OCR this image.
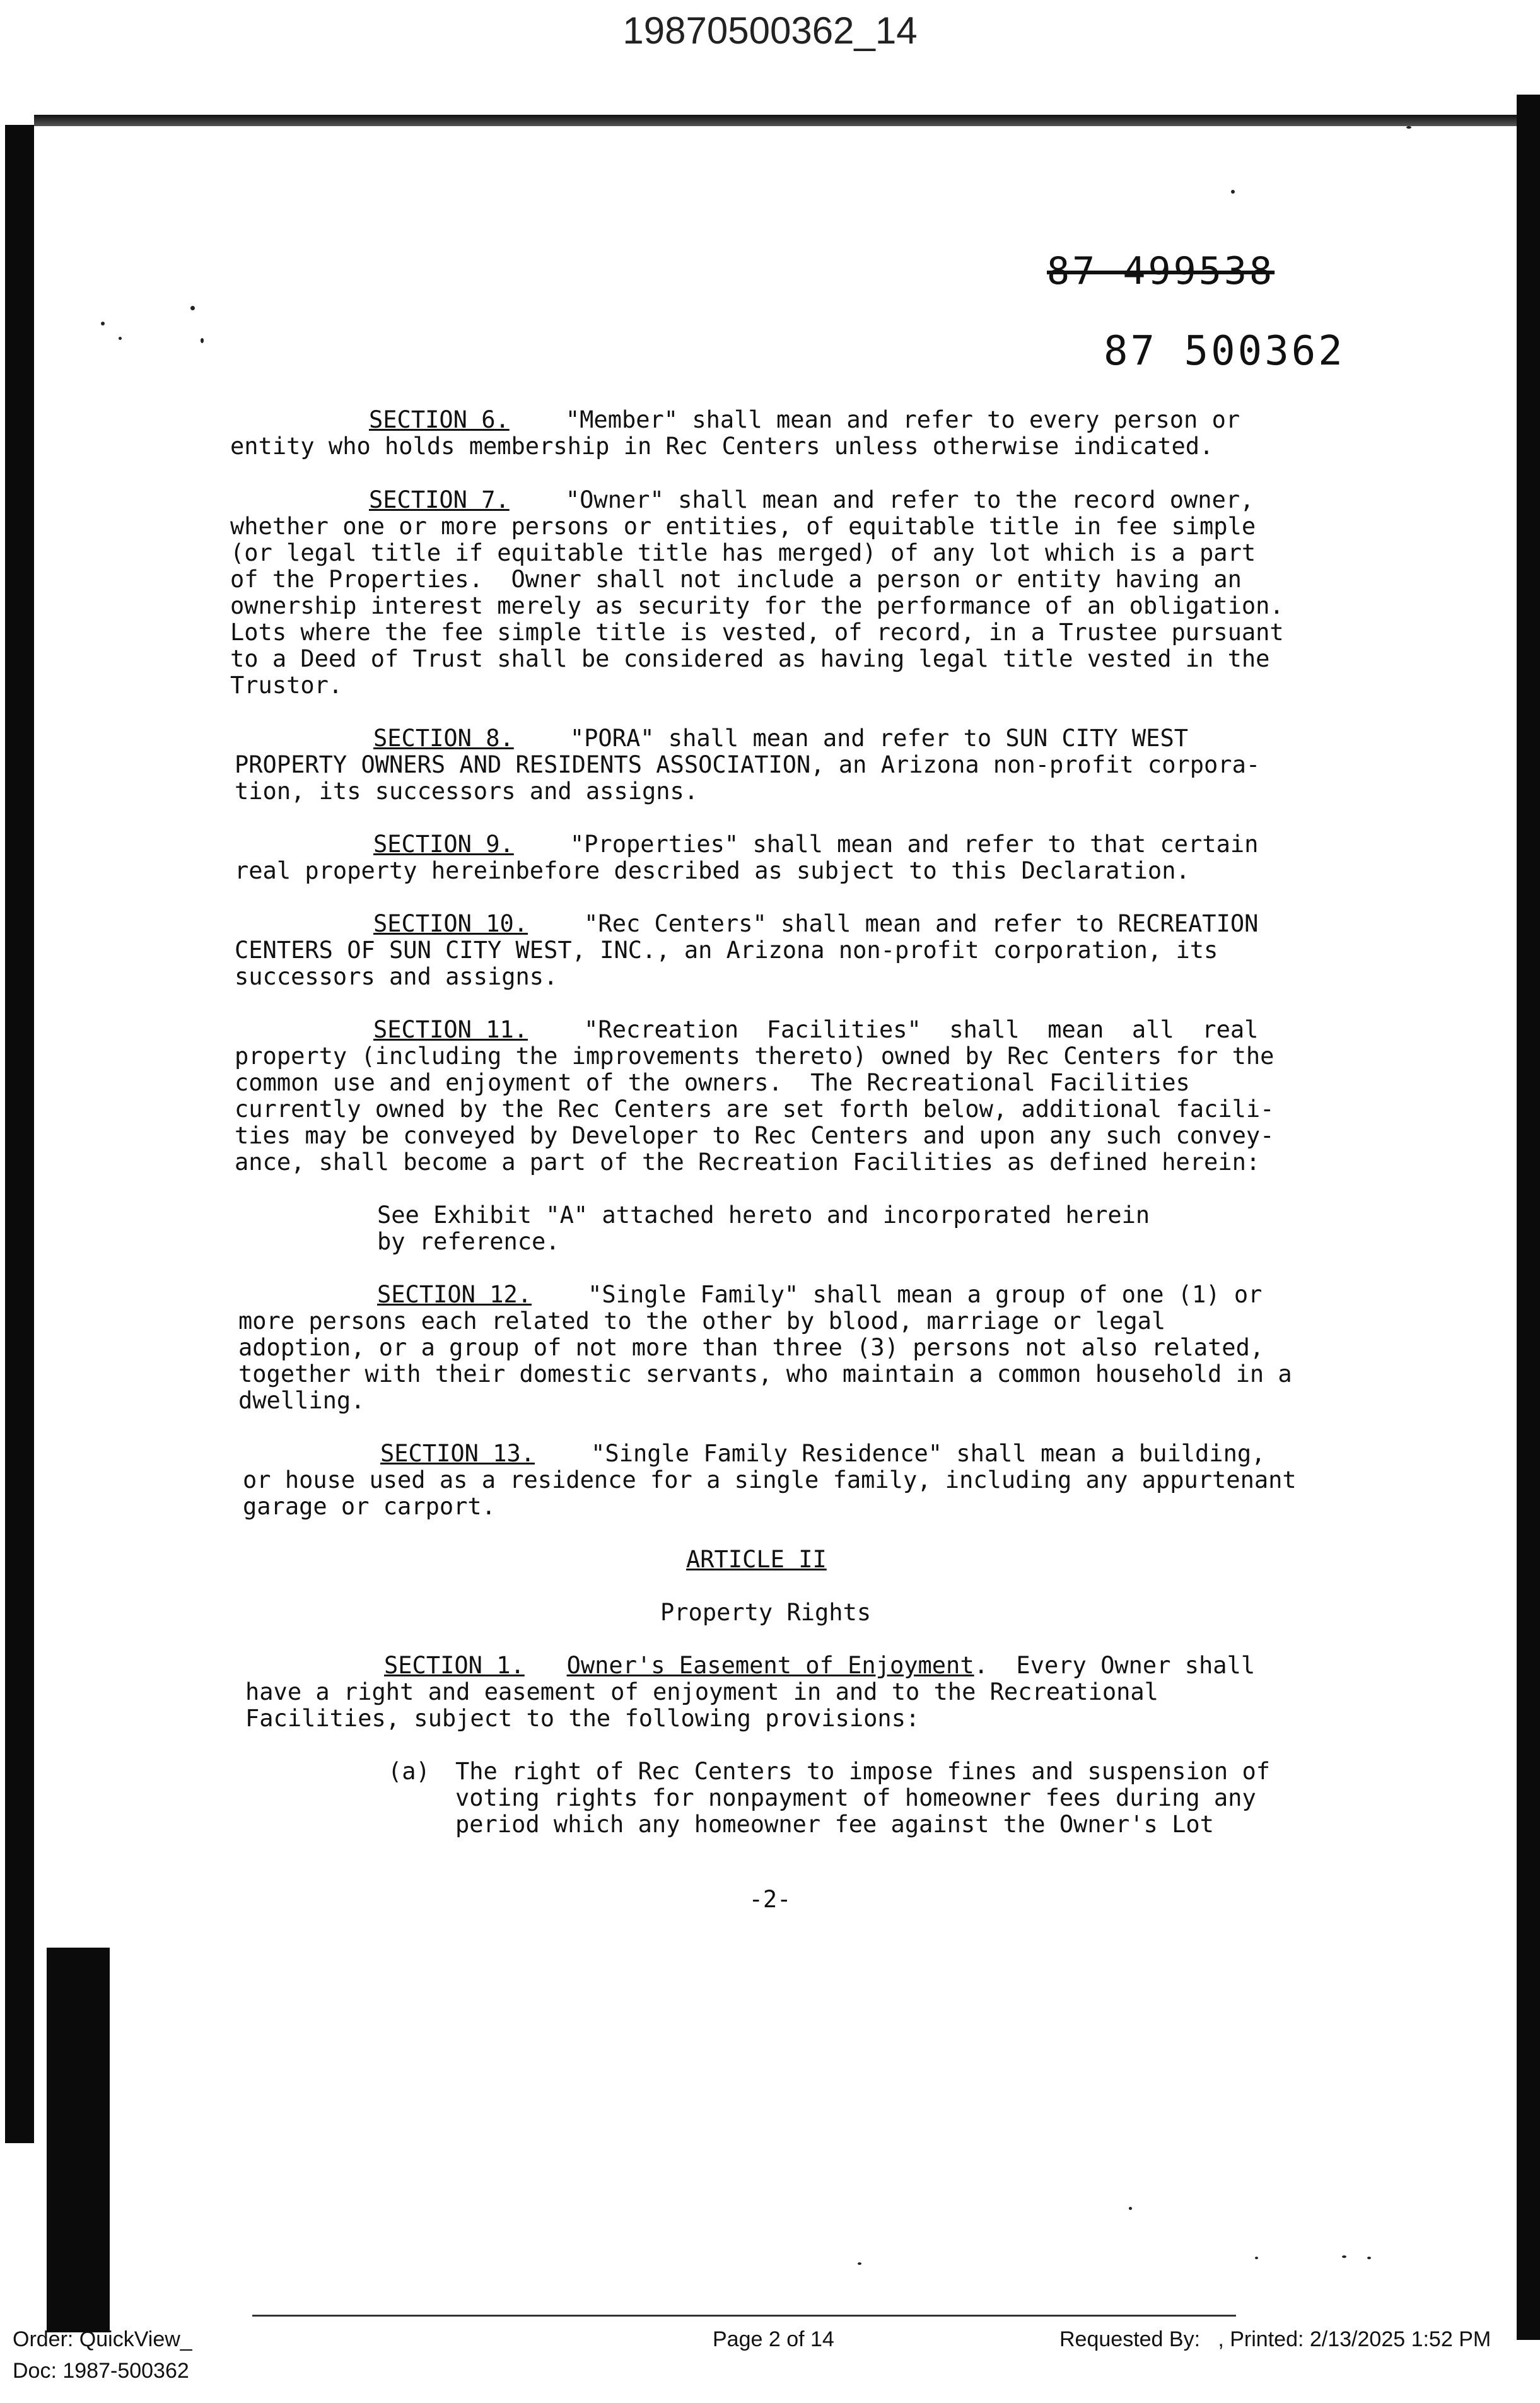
19870500362_14
87 499538
87 500362
SECTION 6. "Member" shall mean and refer to every person or
entity who holds membership in Rec Centers unless otherwise indicated.
SECTION 7. "Owner" shall mean and refer to the record owner,
whether one or more persons or entities, of equitable title in fee simple
(or legal title if equitable title has merged) of any lot which is a part
of the Properties.  Owner shall not include a person or entity having an
ownership interest merely as security for the performance of an obligation.
Lots where the fee simple title is vested, of record, in a Trustee pursuant
to a Deed of Trust shall be considered as having legal title vested in the
Trustor.
SECTION 8. "PORA" shall mean and refer to SUN CITY WEST
PROPERTY OWNERS AND RESIDENTS ASSOCIATION, an Arizona non-profit corpora-
tion, its successors and assigns.
SECTION 9. "Properties" shall mean and refer to that certain
real property hereinbefore described as subject to this Declaration.
SECTION 10. "Rec Centers" shall mean and refer to RECREATION
CENTERS OF SUN CITY WEST, INC., an Arizona non-profit corporation, its
successors and assigns.
SECTION 11. "Recreation  Facilities"  shall  mean  all  real
property (including the improvements thereto) owned by Rec Centers for the
common use and enjoyment of the owners.  The Recreational Facilities
currently owned by the Rec Centers are set forth below, additional facili-
ties may be conveyed by Developer to Rec Centers and upon any such convey-
ance, shall become a part of the Recreation Facilities as defined herein:
See Exhibit "A" attached hereto and incorporated herein
by reference.
SECTION 12. "Single Family" shall mean a group of one (1) or
more persons each related to the other by blood, marriage or legal
adoption, or a group of not more than three (3) persons not also related,
together with their domestic servants, who maintain a common household in a
dwelling.
SECTION 13. "Single Family Residence" shall mean a building,
or house used as a residence for a single family, including any appurtenant
garage or carport.
ARTICLE II
Property Rights
SECTION 1. Owner's Easement of Enjoyment.  Every Owner shall
have a right and easement of enjoyment in and to the Recreational
Facilities, subject to the following provisions:
(a) The right of Rec Centers to impose fines and suspension of
voting rights for nonpayment of homeowner fees during any
period which any homeowner fee against the Owner's Lot
-2-
Order: QuickView_
Doc: 1987-500362
Page 2 of 14	Requested By:   , Printed: 2/13/2025 1:52 PM
